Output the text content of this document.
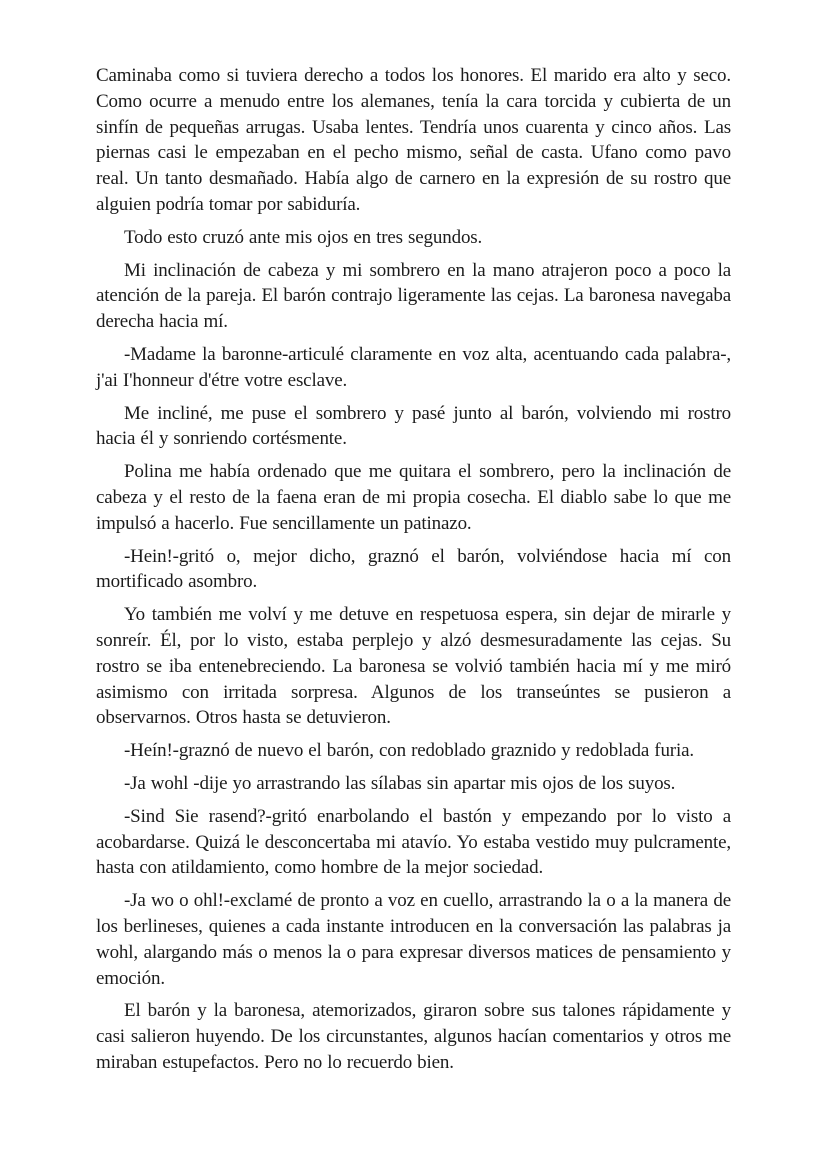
Caminaba como si tuviera derecho a todos los honores. El marido era alto y seco. Como ocurre a menudo entre los alemanes, tenía la cara torcida y cubierta de un sinfín de pequeñas arrugas. Usaba lentes. Tendría unos cuarenta y cinco años. Las piernas casi le empezaban en el pecho mismo, señal de casta. Ufano como pavo real. Un tanto desmañado. Había algo de carnero en la expresión de su rostro que alguien podría tomar por sabiduría.

Todo esto cruzó ante mis ojos en tres segundos.

Mi inclinación de cabeza y mi sombrero en la mano atrajeron poco a poco la atención de la pareja. El barón contrajo ligeramente las cejas. La baronesa navegaba derecha hacia mí.

-Madame la baronne-articulé claramente en voz alta, acentuando cada palabra-, j'ai I'honneur d'étre votre esclave.

Me incliné, me puse el sombrero y pasé junto al barón, volviendo mi rostro hacia él y sonriendo cortésmente.

Polina me había ordenado que me quitara el sombrero, pero la inclinación de cabeza y el resto de la faena eran de mi propia cosecha. El diablo sabe lo que me impulsó a hacerlo. Fue sencillamente un patinazo.

-Hein!-gritó o, mejor dicho, graznó el barón, volviéndose hacia mí con mortificado asombro.

Yo también me volví y me detuve en respetuosa espera, sin dejar de mirarle y sonreír. Él, por lo visto, estaba perplejo y alzó desmesuradamente las cejas. Su rostro se iba entenebreciendo. La baronesa se volvió también hacia mí y me miró asimismo con irritada sorpresa. Algunos de los transeúntes se pusieron a observarnos. Otros hasta se detuvieron.

-Heín!-graznó de nuevo el barón, con redoblado graznido y redoblada furia.

-Ja wohl -dije yo arrastrando las sílabas sin apartar mis ojos de los suyos.

-Sind Sie rasend?-gritó enarbolando el bastón y empezando por lo visto a acobardarse. Quizá le desconcertaba mi atavío. Yo estaba vestido muy pulcramente, hasta con atildamiento, como hombre de la mejor sociedad.

-Ja wo o ohl!-exclamé de pronto a voz en cuello, arrastrando la o a la manera de los berlineses, quienes a cada instante introducen en la conversación las palabras ja wohl, alargando más o menos la o para expresar diversos matices de pensamiento y emoción.

El barón y la baronesa, atemorizados, giraron sobre sus talones rápidamente y casi salieron huyendo. De los circunstantes, algunos hacían comentarios y otros me miraban estupefactos. Pero no lo recuerdo bien.
